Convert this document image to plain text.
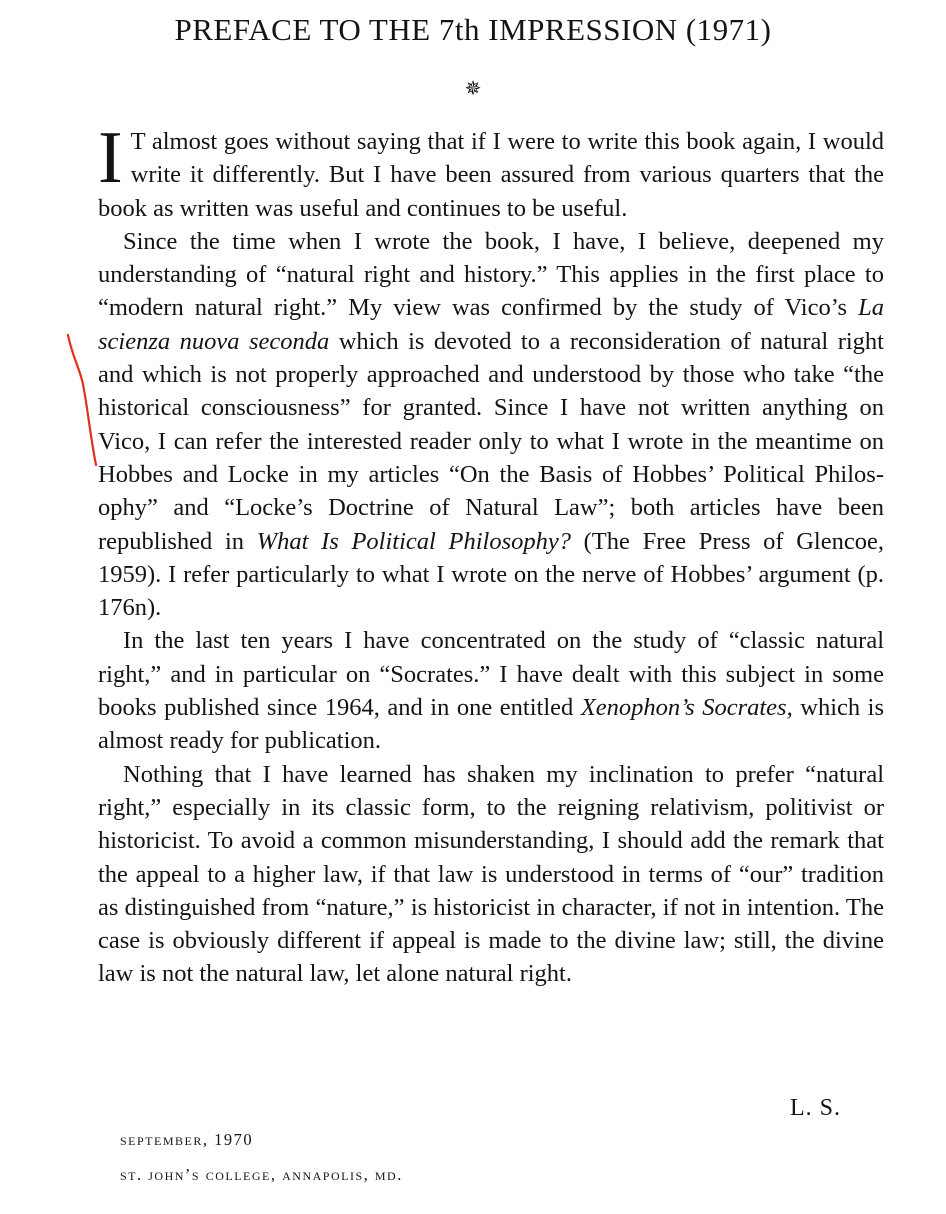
PREFACE TO THE 7th IMPRESSION (1971)
✵

I T almost goes without saying that if I were to write this book again, I would write it differently. But I have been assured from various quarters that the book as written was useful and continues to be useful.

Since the time when I wrote the book, I have, I believe, deepened my understanding of “natural right and history.” This applies in the first place to “modern natural right.” My view was confirmed by the study of Vico’s La scienza nuova seconda which is devoted to a reconsideration of natural right and which is not properly approached and understood by those who take “the historical consciousness” for granted. Since I have not written anything on Vico, I can refer the interested reader only to what I wrote in the meantime on Hobbes and Locke in my articles “On the Basis of Hobbes’ Political Philosophy” and “Locke’s Doctrine of Natural Law”; both articles have been republished in What Is Political Philosophy? (The Free Press of Glencoe, 1959). I refer particularly to what I wrote on the nerve of Hobbes’ argument (p. 176n).

In the last ten years I have concentrated on the study of “classic natural right,” and in particular on “Socrates.” I have dealt with this subject in some books published since 1964, and in one entitled Xenophon’s Socrates, which is almost ready for publication.

Nothing that I have learned has shaken my inclination to prefer “natural right,” especially in its classic form, to the reigning relativism, politivist or historicist. To avoid a common misunderstanding, I should add the remark that the appeal to a higher law, if that law is understood in terms of “our” tradition as distinguished from “nature,” is historicist in character, if not in intention. The case is obviously different if appeal is made to the divine law; still, the divine law is not the natural law, let alone natural right.

L. S.
september, 1970
st. john’s college, annapolis, md.
